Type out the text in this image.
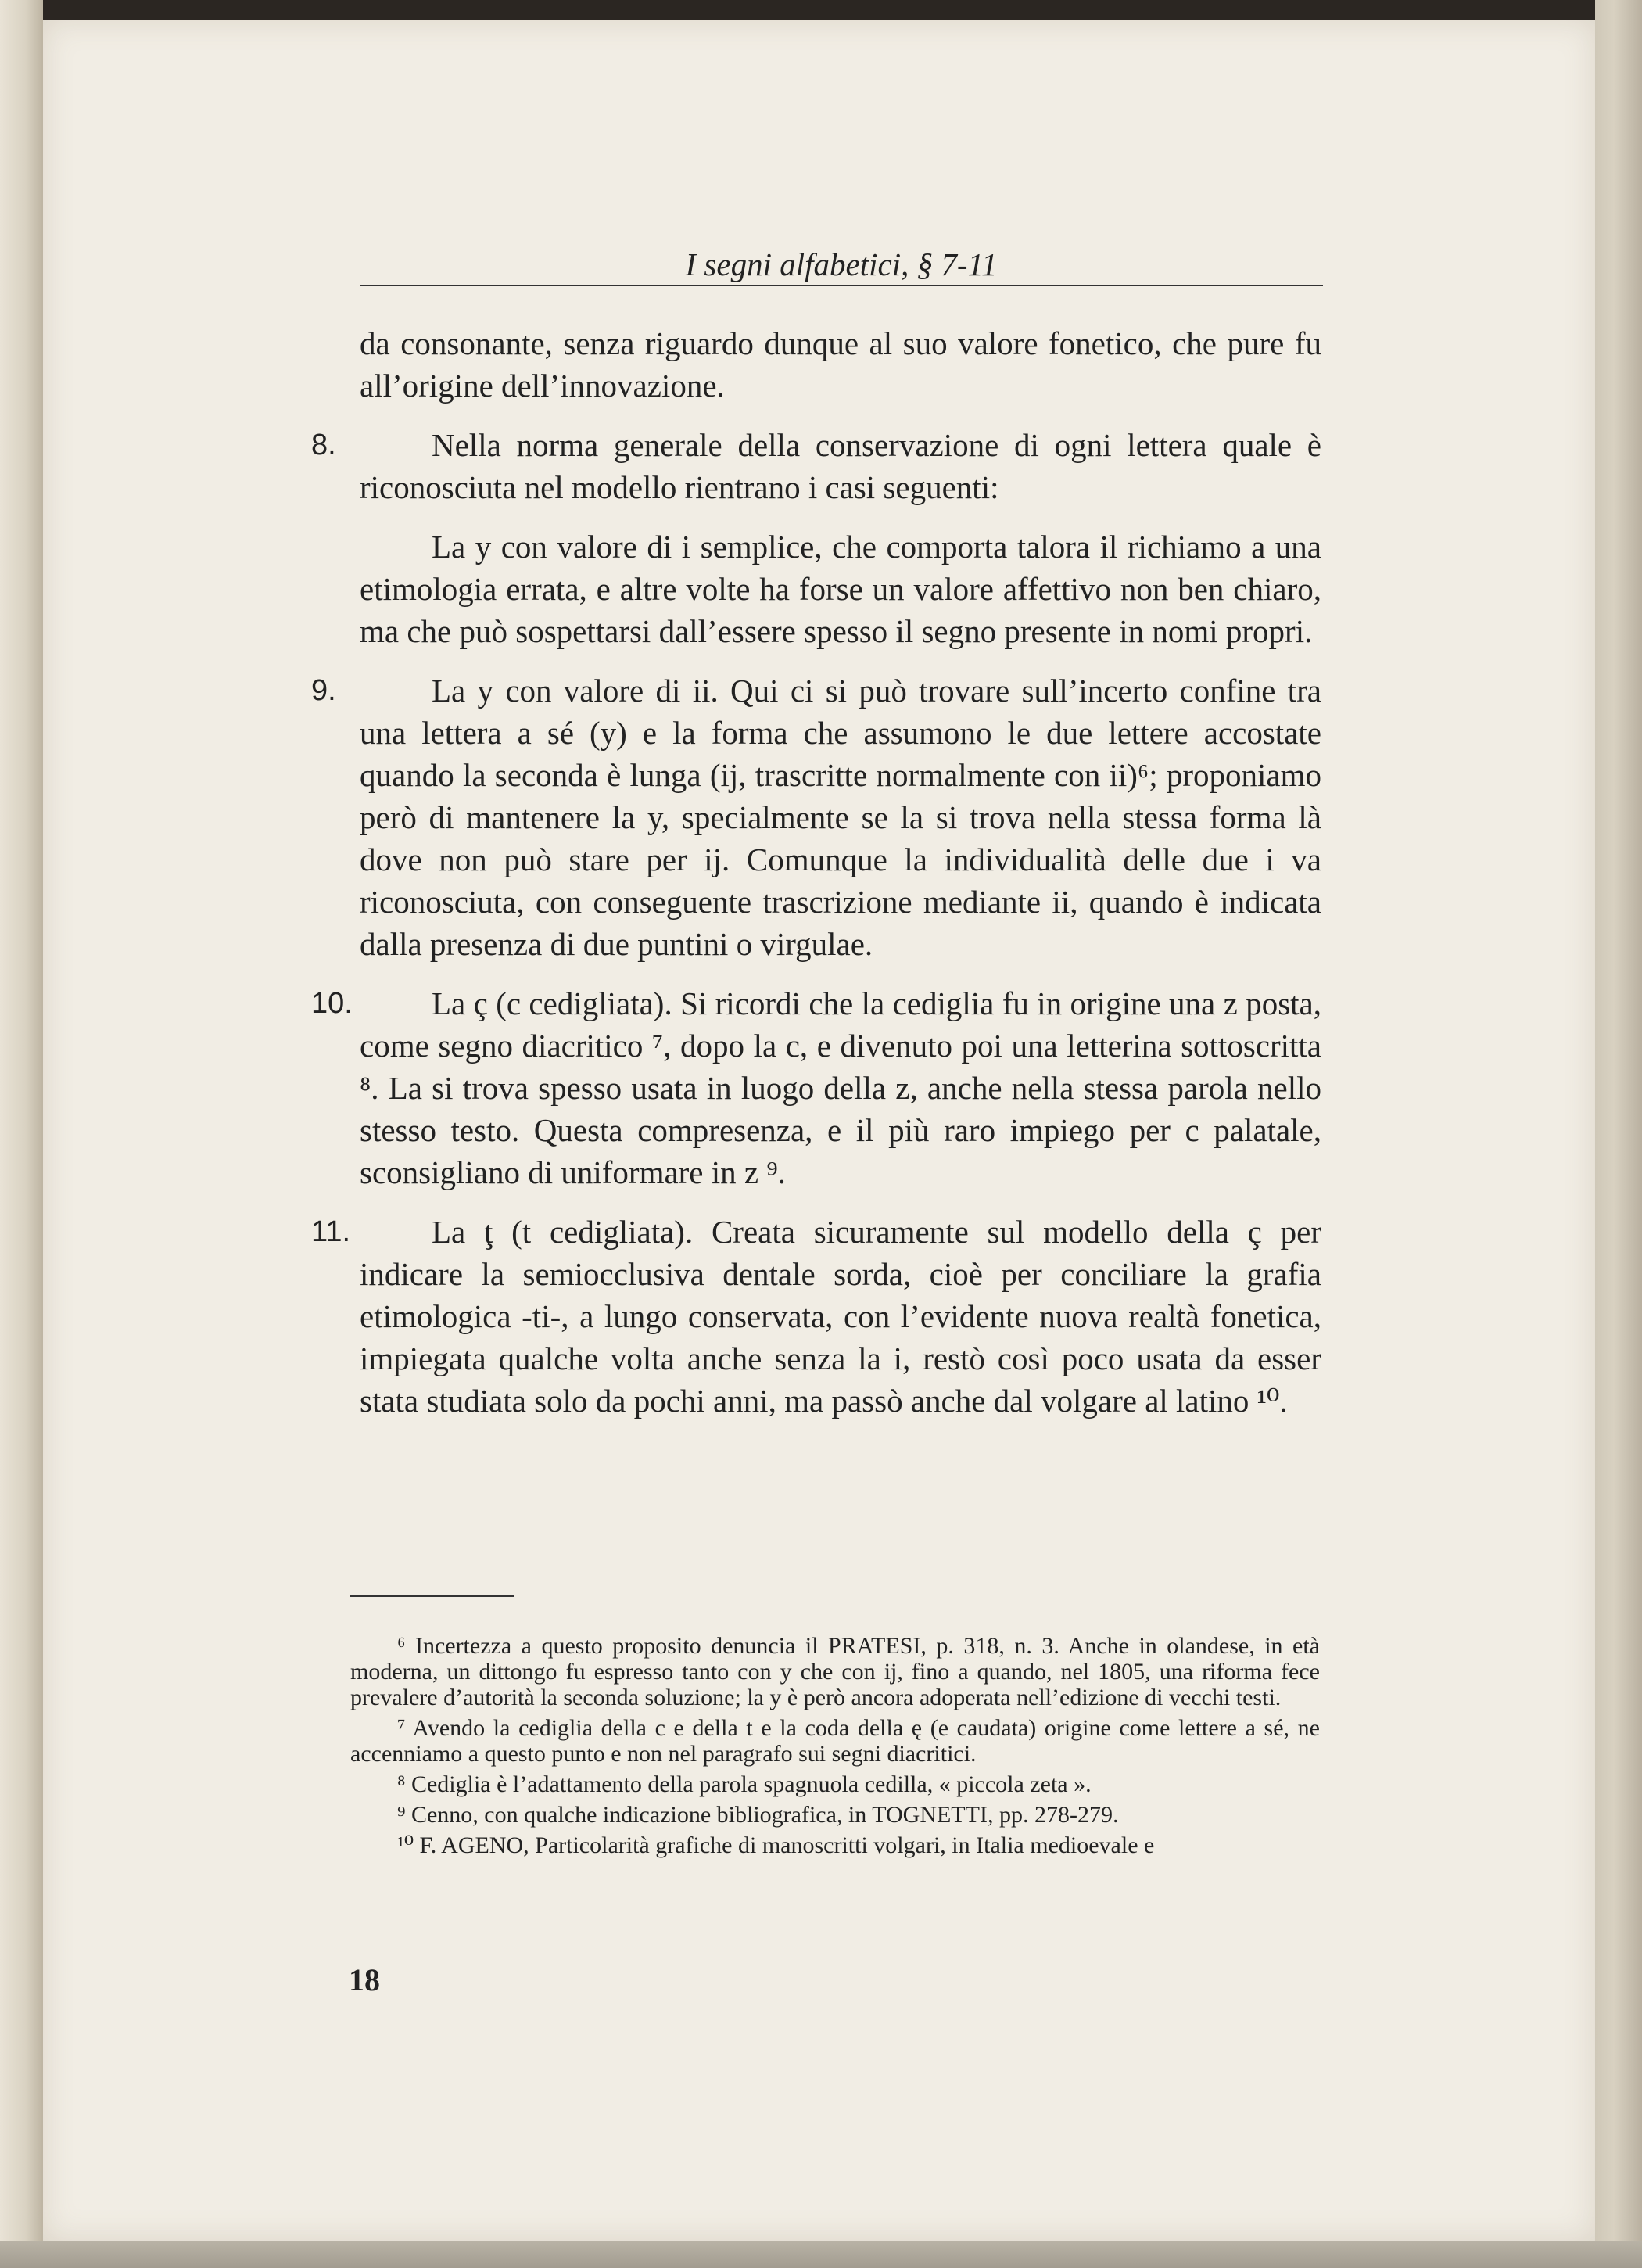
I segni alfabetici, § 7-11

da consonante, senza riguardo dunque al suo valore fonetico, che pure fu all’origine dell’innovazione.

8.	Nella norma generale della conservazione di ogni lettera quale è riconosciuta nel modello rientrano i casi seguenti:

La y con valore di i semplice, che comporta talora il richiamo a una etimologia errata, e altre volte ha forse un valore affettivo non ben chiaro, ma che può sospettarsi dall’essere spesso il segno presente in nomi propri.

9.	La y con valore di ii. Qui ci si può trovare sull’incerto confine tra una lettera a sé (y) e la forma che assumono le due lettere accostate quando la seconda è lunga (ij, trascritte normalmente con ii)⁶; proponiamo però di mantenere la y, specialmente se la si trova nella stessa forma là dove non può stare per ij. Comunque la individualità delle due i va riconosciuta, con conseguente trascrizione mediante ii, quando è indicata dalla presenza di due puntini o virgulae.

10.	La ç (c cedigliata). Si ricordi che la cediglia fu in origine una z posta, come segno diacritico ⁷, dopo la c, e divenuto poi una letterina sottoscritta ⁸. La si trova spesso usata in luogo della z, anche nella stessa parola nello stesso testo. Questa compresenza, e il più raro impiego per c palatale, sconsigliano di uniformare in z ⁹.

11.	La ţ (t cedigliata). Creata sicuramente sul modello della ç per indicare la semiocclusiva dentale sorda, cioè per conciliare la grafia etimologica -ti-, a lungo conservata, con l’evidente nuova realtà fonetica, impiegata qualche volta anche senza la i, restò così poco usata da esser stata studiata solo da pochi anni, ma passò anche dal volgare al latino ¹⁰.

⁶ Incertezza a questo proposito denuncia il PRATESI, p. 318, n. 3. Anche in olandese, in età moderna, un dittongo fu espresso tanto con y che con ij, fino a quando, nel 1805, una riforma fece prevalere d’autorità la seconda soluzione; la y è però ancora adoperata nell’edizione di vecchi testi.

⁷ Avendo la cediglia della c e della t e la coda della ę (e caudata) origine come lettere a sé, ne accenniamo a questo punto e non nel paragrafo sui segni diacritici.

⁸ Cediglia è l’adattamento della parola spagnuola cedilla, « piccola zeta ».

⁹ Cenno, con qualche indicazione bibliografica, in TOGNETTI, pp. 278-279.

¹⁰ F. AGENO, Particolarità grafiche di manoscritti volgari, in Italia medioevale e

18
